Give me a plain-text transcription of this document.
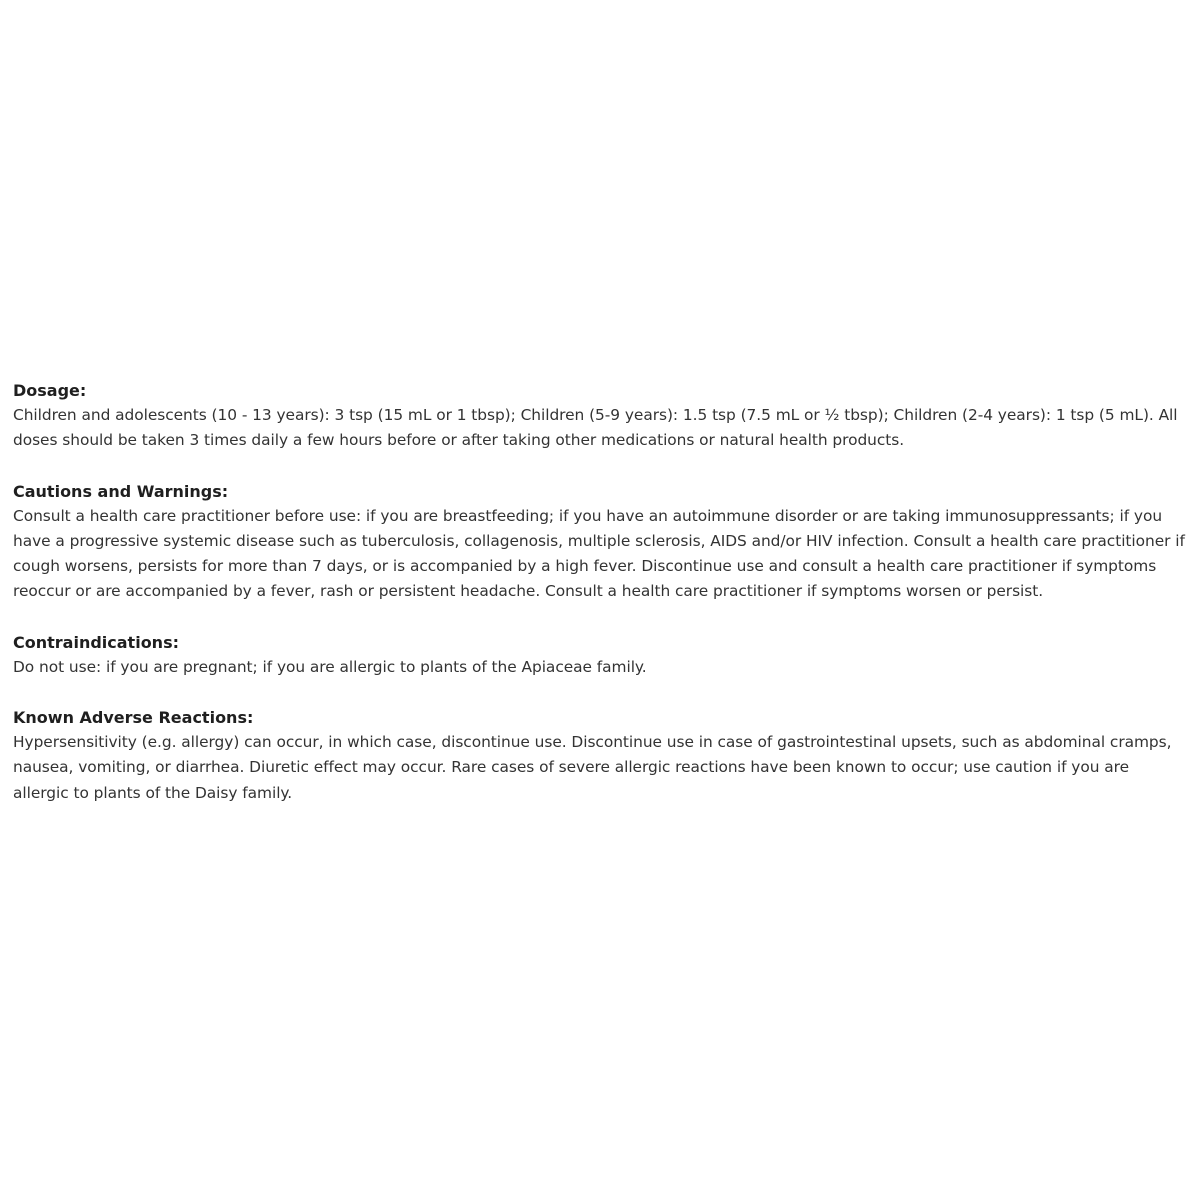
Dosage:

Children and adolescents (10 - 13 years): 3 tsp (15 mL or 1 tbsp); Children (5-9 years): 1.5 tsp (7.5 mL or ½ tbsp); Children (2-4 years): 1 tsp (5 mL). All doses should be taken 3 times daily a few hours before or after taking other medications or natural health products.

Cautions and Warnings:

Consult a health care practitioner before use: if you are breastfeeding; if you have an autoimmune disorder or are taking immunosuppressants; if you have a progressive systemic disease such as tuberculosis, collagenosis, multiple sclerosis, AIDS and/or HIV infection. Consult a health care practitioner if cough worsens, persists for more than 7 days, or is accompanied by a high fever. Discontinue use and consult a health care practitioner if symptoms reoccur or are accompanied by a fever, rash or persistent headache. Consult a health care practitioner if symptoms worsen or persist.

Contraindications:

Do not use: if you are pregnant; if you are allergic to plants of the Apiaceae family.

Known Adverse Reactions:

Hypersensitivity (e.g. allergy) can occur, in which case, discontinue use. Discontinue use in case of gastrointestinal upsets, such as abdominal cramps, nausea, vomiting, or diarrhea. Diuretic effect may occur. Rare cases of severe allergic reactions have been known to occur; use caution if you are allergic to plants of the Daisy family.
